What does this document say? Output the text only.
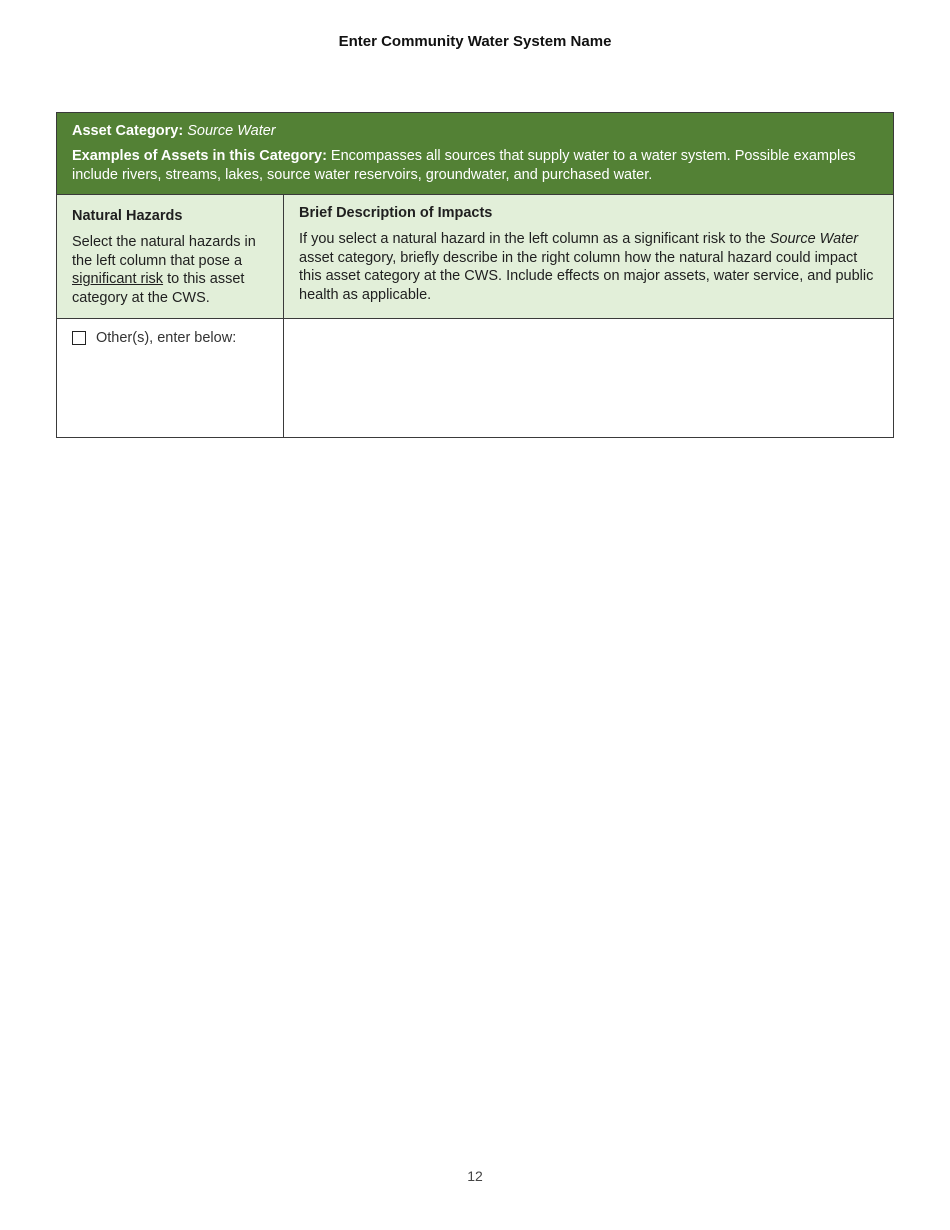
Enter Community Water System Name
Asset Category: Source Water
Examples of Assets in this Category: Encompasses all sources that supply water to a water system. Possible examples include rivers, streams, lakes, source water reservoirs, groundwater, and purchased water.
Natural Hazards
Select the natural hazards in the left column that pose a significant risk to this asset category at the CWS.
Brief Description of Impacts
If you select a natural hazard in the left column as a significant risk to the Source Water asset category, briefly describe in the right column how the natural hazard could impact this asset category at the CWS. Include effects on major assets, water service, and public health as applicable.
Other(s), enter below:
12
